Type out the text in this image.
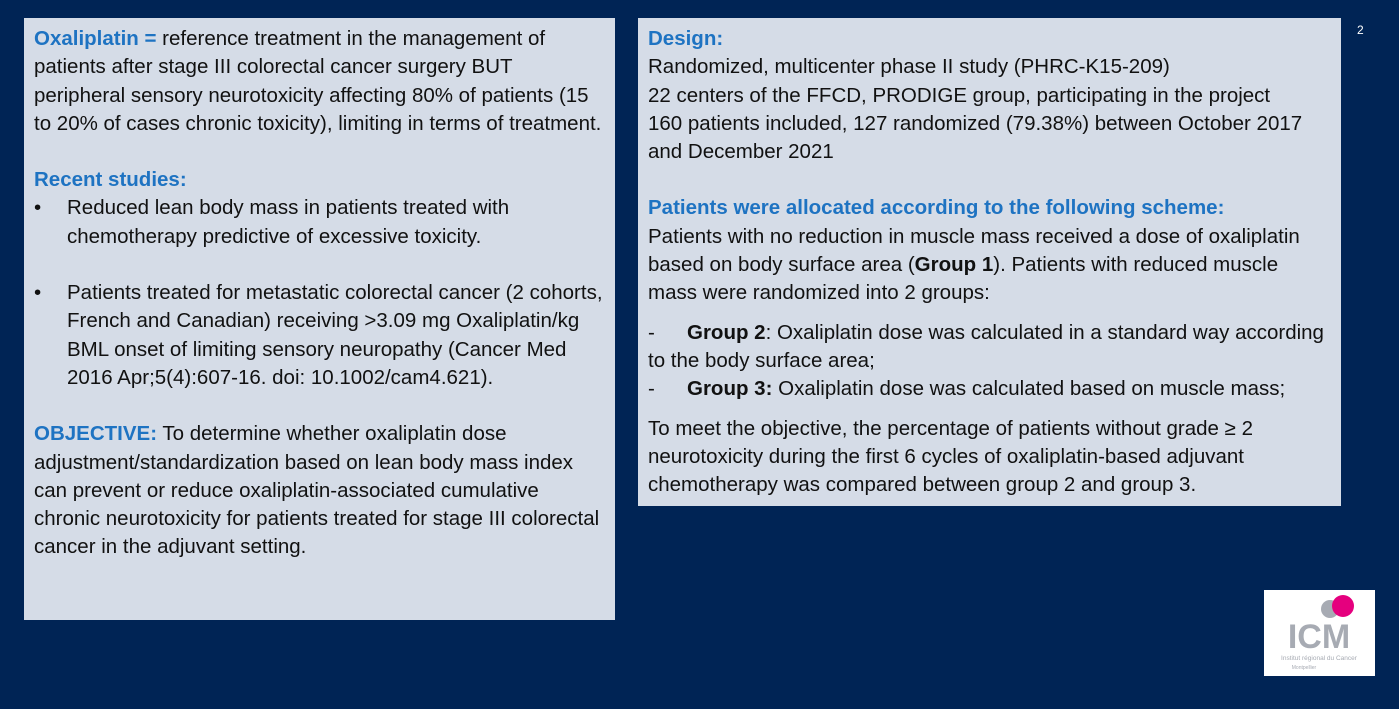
Oxaliplatin = reference treatment in the management of patients after stage III colorectal cancer surgery BUT peripheral sensory neurotoxicity affecting 80% of patients (15 to 20% of cases chronic toxicity), limiting in terms of treatment.

Recent studies:

• Reduced lean body mass in patients treated with chemotherapy predictive of excessive toxicity.
• Patients treated for metastatic colorectal cancer (2 cohorts, French and Canadian) receiving >3.09 mg Oxaliplatin/kg BML onset of limiting sensory neuropathy (Cancer Med 2016 Apr;5(4):607-16. doi: 10.1002/cam4.621).

OBJECTIVE: To determine whether oxaliplatin dose adjustment/standardization based on lean body mass index can prevent or reduce oxaliplatin-associated cumulative chronic neurotoxicity for patients treated for stage III colorectal cancer in the adjuvant setting.

Design:

Randomized, multicenter phase II study (PHRC-K15-209)

22 centers of the FFCD, PRODIGE group, participating in the project

160 patients included, 127 randomized (79.38%) between October 2017 and December 2021

Patients were allocated according to the following scheme:

Patients with no reduction in muscle mass received a dose of oxaliplatin based on body surface area (Group 1). Patients with reduced muscle mass were randomized into 2 groups:

- Group 2: Oxaliplatin dose was calculated in a standard way according to the body surface area;

- Group 3: Oxaliplatin dose was calculated based on muscle mass;

To meet the objective, the percentage of patients without grade ≥ 2 neurotoxicity during the first 6 cycles of oxaliplatin-based adjuvant chemotherapy was compared between group 2 and group 3.

2
ICM
Institut régional du Cancer
Montpellier
